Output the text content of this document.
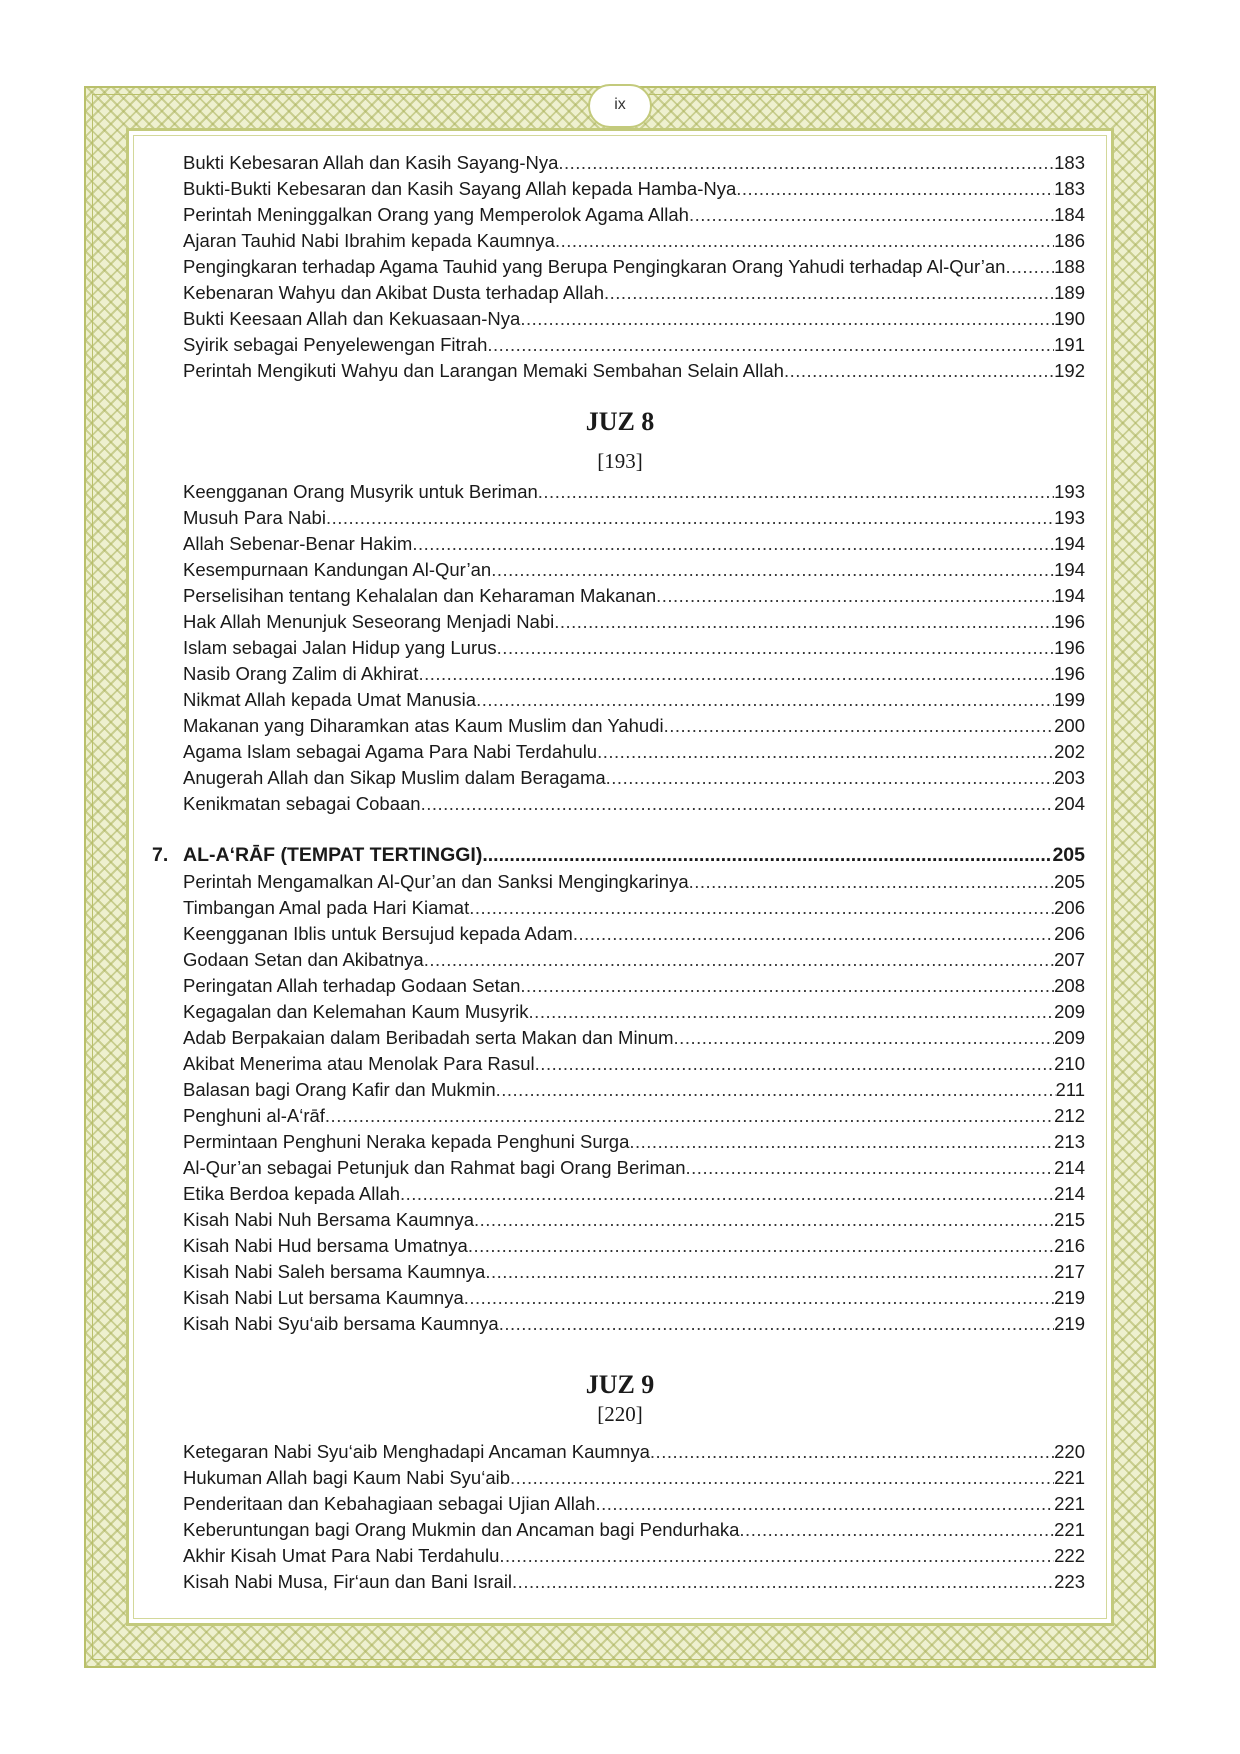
ix
Bukti Kebesaran Allah dan Kasih Sayang-Nya .....	183
Bukti-Bukti Kebesaran dan Kasih Sayang Allah kepada Hamba-Nya .....	183
Perintah Meninggalkan Orang yang Memperolok Agama Allah .....	184
Ajaran Tauhid Nabi Ibrahim kepada Kaumnya .....	186
Pengingkaran terhadap Agama Tauhid yang Berupa Pengingkaran Orang Yahudi terhadap Al-Qur’an .....	188
Kebenaran Wahyu dan Akibat Dusta terhadap Allah .....	189
Bukti Keesaan Allah dan Kekuasaan-Nya .....	190
Syirik sebagai Penyelewengan Fitrah .....	191
Perintah Mengikuti Wahyu dan Larangan Memaki Sembahan Selain Allah .....	192
JUZ 8
[193]
Keengganan Orang Musyrik untuk Beriman .....	193
Musuh Para Nabi .....	193
Allah Sebenar-Benar Hakim .....	194
Kesempurnaan Kandungan Al-Qur’an .....	194
Perselisihan tentang Kehalalan dan Keharaman Makanan .....	194
Hak Allah Menunjuk Seseorang Menjadi Nabi .....	196
Islam sebagai Jalan Hidup yang Lurus .....	196
Nasib Orang Zalim di Akhirat .....	196
Nikmat Allah kepada Umat Manusia .....	199
Makanan yang Diharamkan atas Kaum Muslim dan Yahudi .....	200
Agama Islam sebagai Agama Para Nabi Terdahulu .....	202
Anugerah Allah dan Sikap Muslim dalam Beragama .....	203
Kenikmatan sebagai Cobaan .....	204
7. AL-A‘RĀF (TEMPAT TERTINGGI) .....	205
Perintah Mengamalkan Al-Qur’an dan Sanksi Mengingkarinya .....	205
Timbangan Amal pada Hari Kiamat .....	206
Keengganan Iblis untuk Bersujud kepada Adam .....	206
Godaan Setan dan Akibatnya .....	207
Peringatan Allah terhadap Godaan Setan .....	208
Kegagalan dan Kelemahan Kaum Musyrik .....	209
Adab Berpakaian dalam Beribadah serta Makan dan Minum .....	209
Akibat Menerima atau Menolak Para Rasul .....	210
Balasan bagi Orang Kafir dan Mukmin .....	211
Penghuni al-A‘rāf .....	212
Permintaan Penghuni Neraka kepada Penghuni Surga .....	213
Al-Qur’an sebagai Petunjuk dan Rahmat bagi Orang Beriman .....	214
Etika Berdoa kepada Allah .....	214
Kisah Nabi Nuh Bersama Kaumnya .....	215
Kisah Nabi Hud bersama Umatnya .....	216
Kisah Nabi Saleh bersama Kaumnya .....	217
Kisah Nabi Lut bersama Kaumnya .....	219
Kisah Nabi Syu‘aib bersama Kaumnya .....	219
JUZ 9
[220]
Ketegaran Nabi Syu‘aib Menghadapi Ancaman Kaumnya .....	220
Hukuman Allah bagi Kaum Nabi Syu‘aib .....	221
Penderitaan dan Kebahagiaan sebagai Ujian Allah .....	221
Keberuntungan bagi Orang Mukmin dan Ancaman bagi Pendurhaka .....	221
Akhir Kisah Umat Para Nabi Terdahulu .....	222
Kisah Nabi Musa, Fir‘aun dan Bani Israil .....	223
